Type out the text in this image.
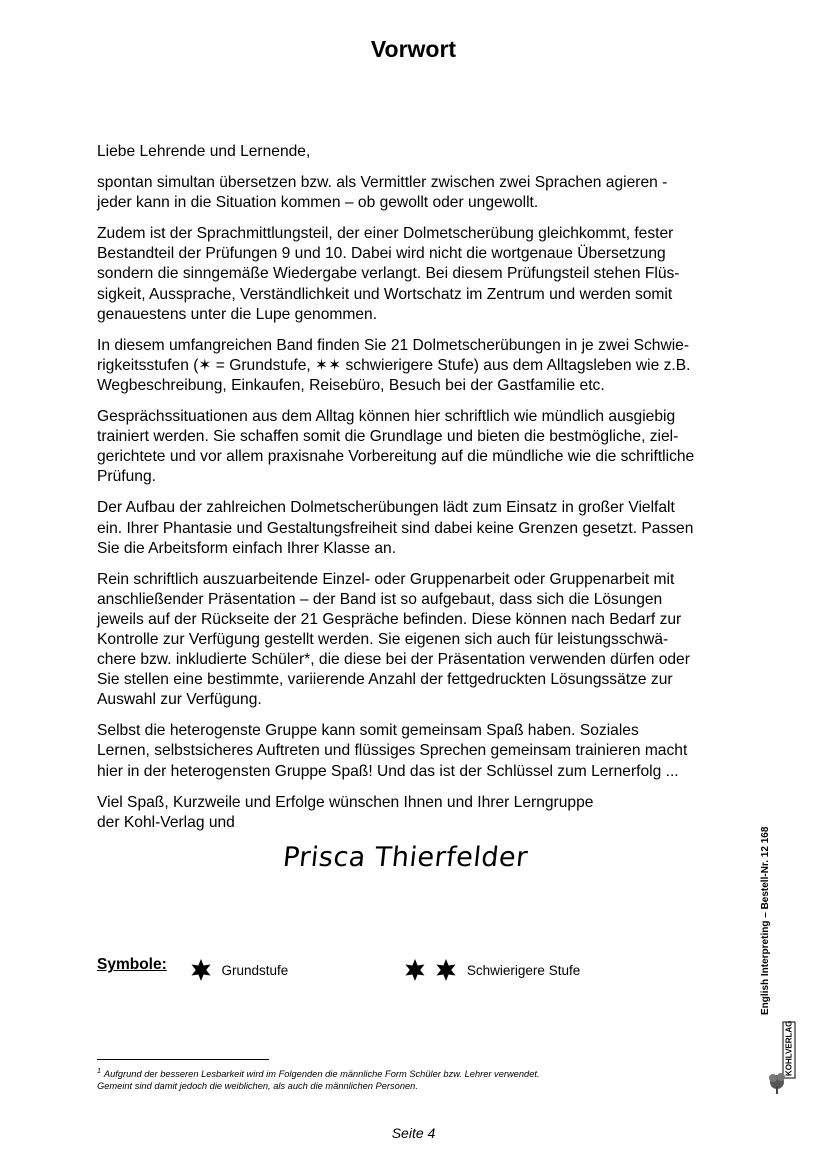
Vorwort

Liebe Lehrende und Lernende,

spontan simultan übersetzen bzw. als Vermittler zwischen zwei Sprachen agieren -
jeder kann in die Situation kommen – ob gewollt oder ungewollt.

Zudem ist der Sprachmittlungsteil, der einer Dolmetscherübung gleichkommt, fester
Bestandteil der Prüfungen 9 und 10. Dabei wird nicht die wortgenaue Übersetzung
sondern die sinngemäße Wiedergabe verlangt. Bei diesem Prüfungsteil stehen Flüs-
sigkeit, Aussprache, Verständlichkeit und Wortschatz im Zentrum und werden somit
genauestens unter die Lupe genommen.

In diesem umfangreichen Band finden Sie 21 Dolmetscherübungen in je zwei Schwie-
rigkeitsstufen (✶ = Grundstufe, ✶✶ schwierigere Stufe) aus dem Alltagsleben wie z.B.
Wegbeschreibung, Einkaufen, Reisebüro, Besuch bei der Gastfamilie etc.

Gesprächssituationen aus dem Alltag können hier schriftlich wie mündlich ausgiebig
trainiert werden. Sie schaffen somit die Grundlage und bieten die bestmögliche, ziel-
gerichtete und vor allem praxisnahe Vorbereitung auf die mündliche wie die schriftliche
Prüfung.

Der Aufbau der zahlreichen Dolmetscherübungen lädt zum Einsatz in großer Vielfalt
ein. Ihrer Phantasie und Gestaltungsfreiheit sind dabei keine Grenzen gesetzt. Passen
Sie die Arbeitsform einfach Ihrer Klasse an.

Rein schriftlich auszuarbeitende Einzel- oder Gruppenarbeit oder Gruppenarbeit mit
anschließender Präsentation – der Band ist so aufgebaut, dass sich die Lösungen
jeweils auf der Rückseite der 21 Gespräche befinden. Diese können nach Bedarf zur
Kontrolle zur Verfügung gestellt werden. Sie eigenen sich auch für leistungsschwä-
chere bzw. inkludierte Schüler*, die diese bei der Präsentation verwenden dürfen oder
Sie stellen eine bestimmte, variierende Anzahl der fettgedruckten Lösungssätze zur
Auswahl zur Verfügung.

Selbst die heterogenste Gruppe kann somit gemeinsam Spaß haben. Soziales
Lernen, selbstsicheres Auftreten und flüssiges Sprechen gemeinsam trainieren macht
hier in der heterogensten Gruppe Spaß! Und das ist der Schlüssel zum Lernerfolg ...

Viel Spaß, Kurzweile und Erfolge wünschen Ihnen und Ihrer Lerngruppe
der Kohl-Verlag und

Prisca Thierfelder
Symbole:	Grundstufe	Schwierigere Stufe
$^1$ Aufgrund der besseren Lesbarkeit wird im Folgenden die männliche Form Schüler bzw. Lehrer verwendet.
Gemeint sind damit jedoch die weiblichen, als auch die männlichen Personen.
Seite 4
English Interpreting – Bestell-Nr. 12 168
KOHLVERLAG
